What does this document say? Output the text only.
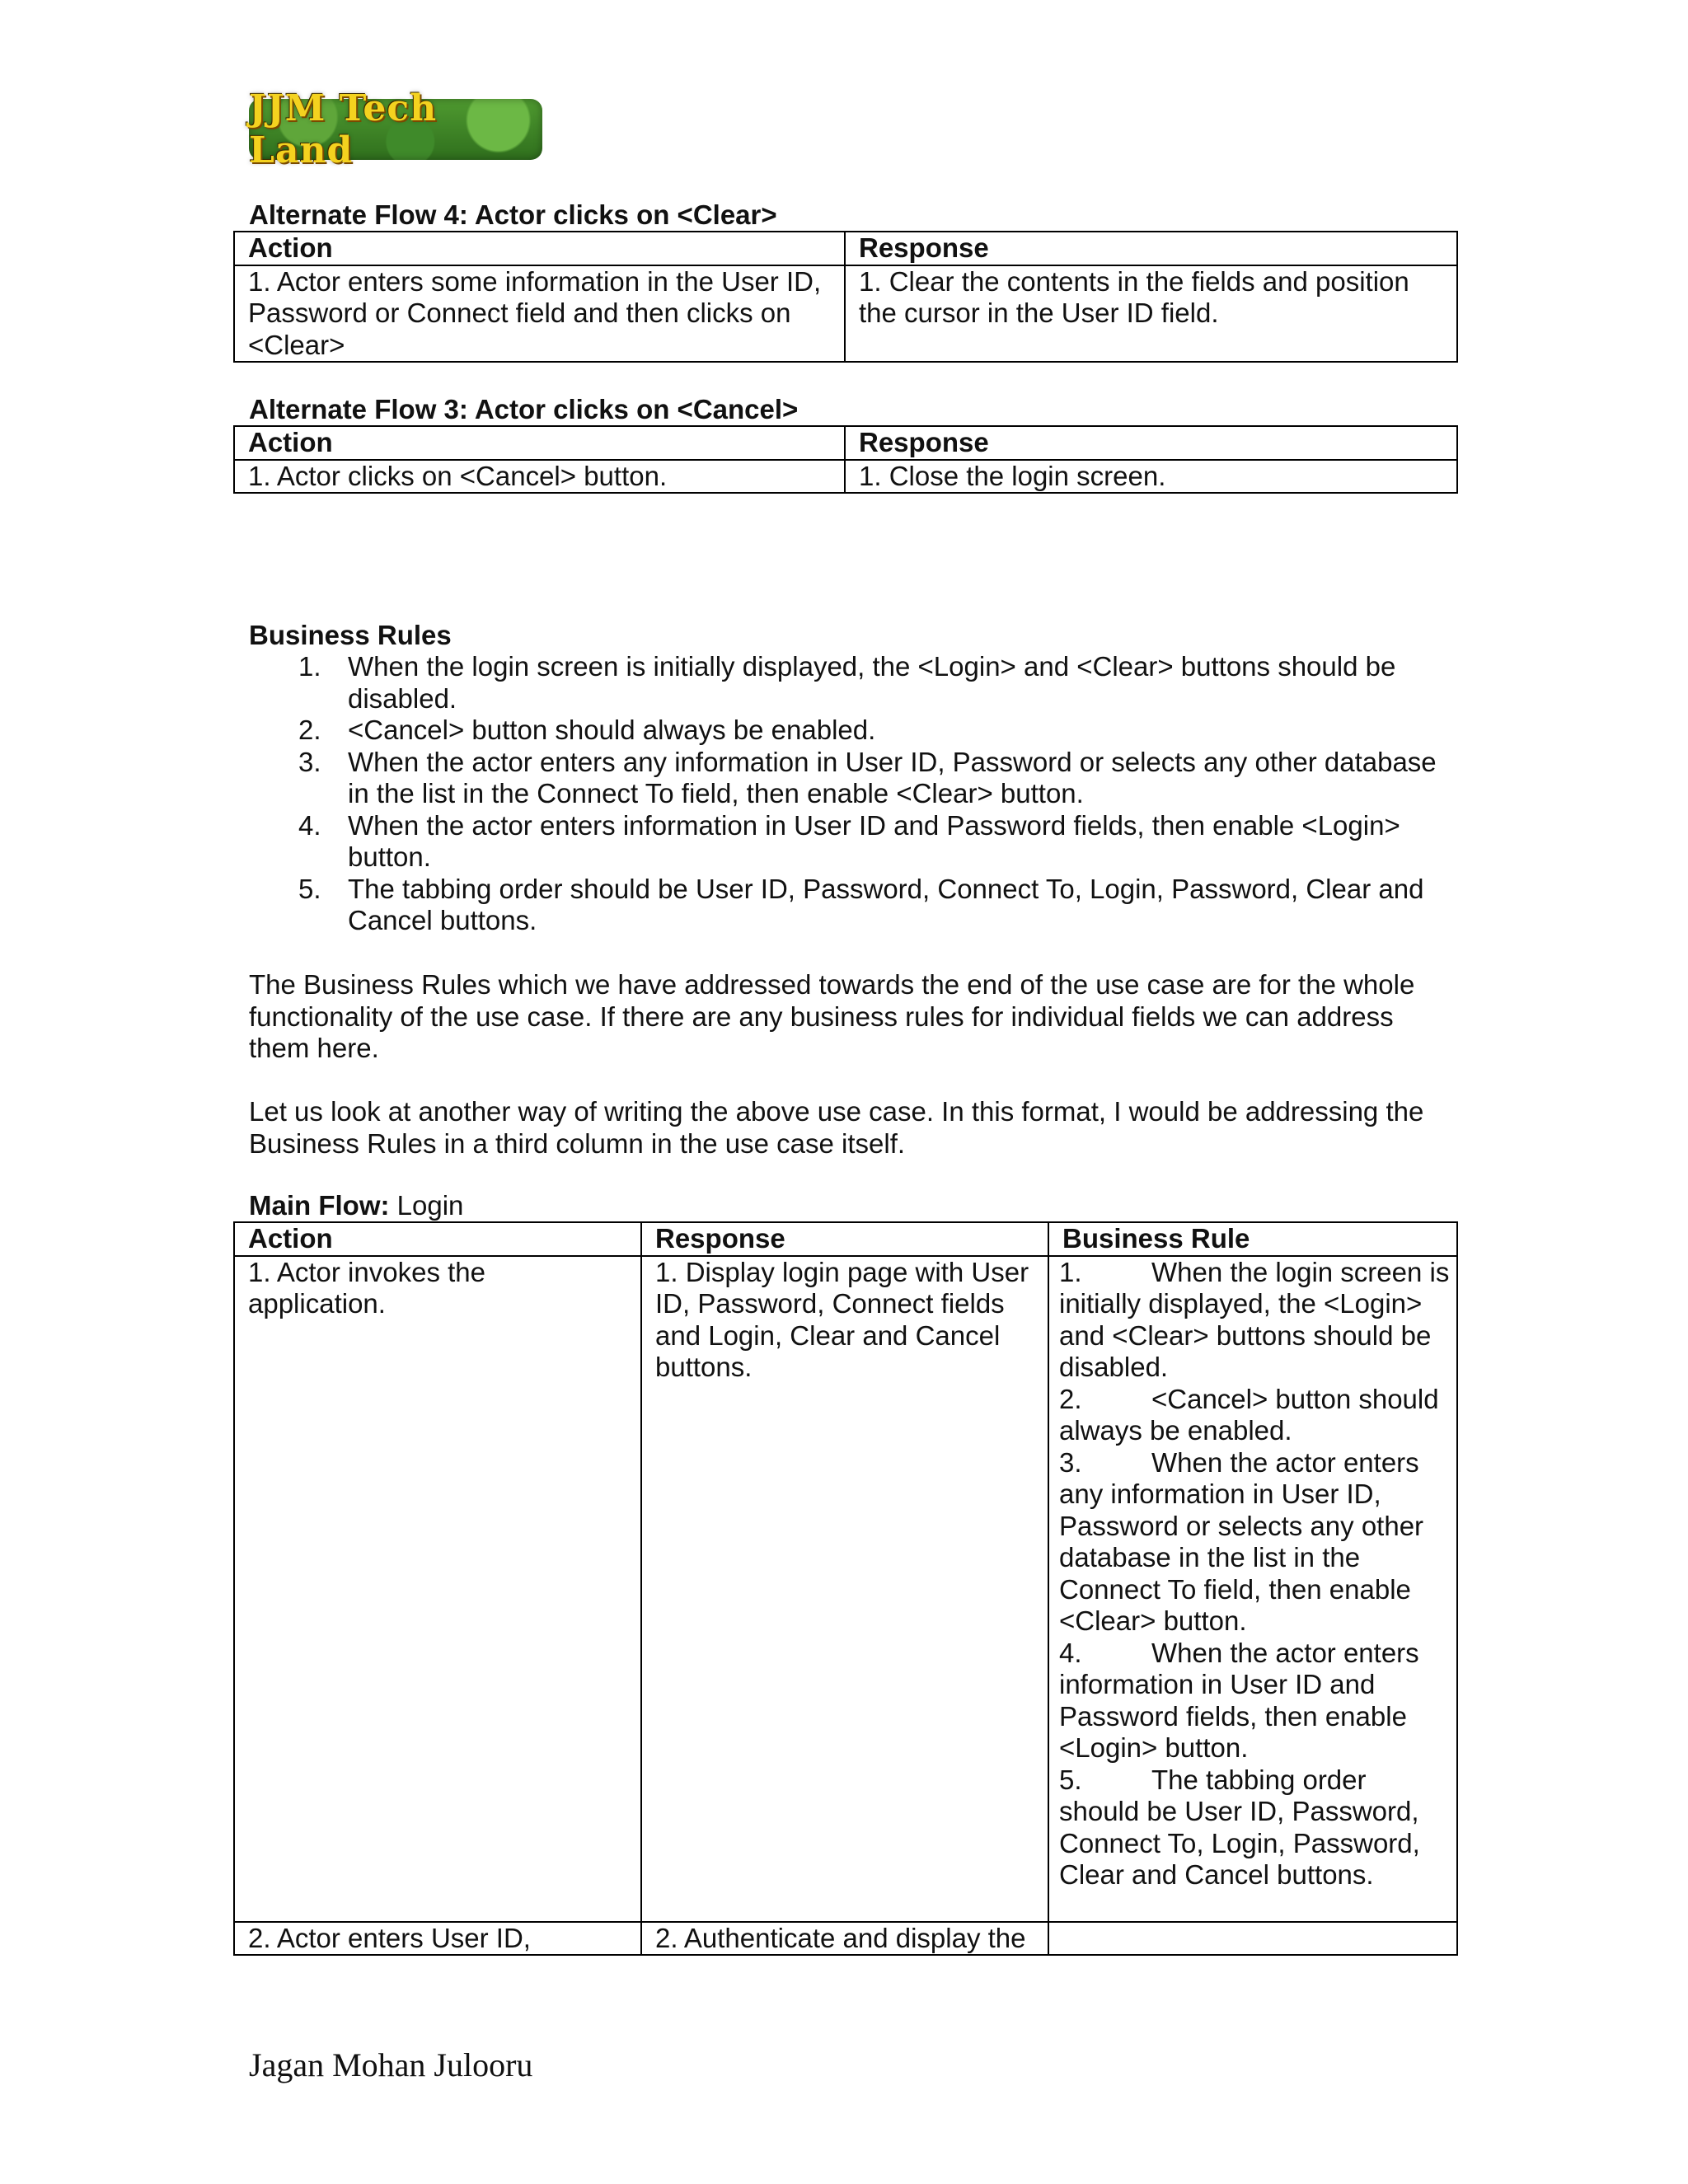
JJM Tech Land
Alternate Flow 4: Actor clicks on <Clear>
Action	Response
1. Actor enters some information in the User ID, Password or Connect field and then clicks on <Clear>	1. Clear the contents in the fields and position the cursor in the User ID field.
Alternate Flow 3: Actor clicks on <Cancel>
Action	Response
1. Actor clicks on <Cancel> button.	1. Close the login screen.
Business Rules
1. When the login screen is initially displayed, the <Login> and <Clear> buttons should be disabled.
2. <Cancel> button should always be enabled.
3. When the actor enters any information in User ID, Password or selects any other database in the list in the Connect To field, then enable <Clear> button.
4. When the actor enters information in User ID and Password fields, then enable <Login> button.
5. The tabbing order should be User ID, Password, Connect To, Login, Password, Clear and Cancel buttons.
The Business Rules which we have addressed towards the end of the use case are for the whole functionality of the use case. If there are any business rules for individual fields we can address them here.
Let us look at another way of writing the above use case. In this format, I would be addressing the Business Rules in a third column in the use case itself.
Main Flow: Login
Action	Response	Business Rule
1. Actor invokes the application.	1. Display login page with User ID, Password, Connect fields and Login, Clear and Cancel buttons.	1. When the login screen is initially displayed, the <Login> and <Clear> buttons should be disabled.
2. <Cancel> button should always be enabled.
3. When the actor enters any information in User ID, Password or selects any other database in the list in the Connect To field, then enable <Clear> button.
4. When the actor enters information in User ID and Password fields, then enable <Login> button.
5. The tabbing order should be User ID, Password, Connect To, Login, Password, Clear and Cancel buttons.

2. Actor enters User ID,	2. Authenticate and display the	
Jagan Mohan Julooru
